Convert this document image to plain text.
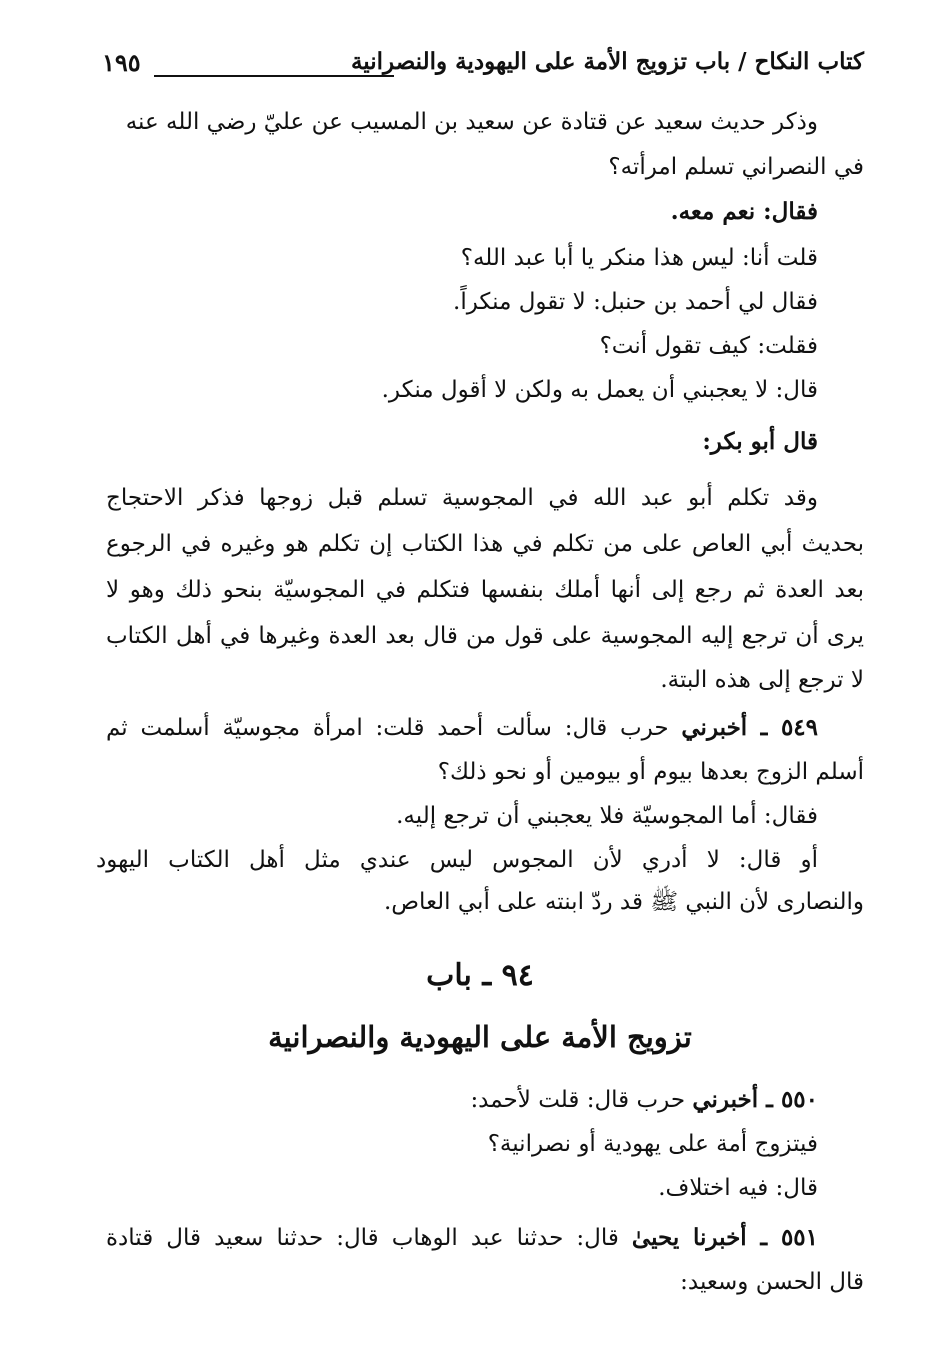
كتاب النكاح / باب تزويج الأمة على اليهودية والنصرانية
١٩٥
وذكر حديث سعيد عن قتادة عن سعيد بن المسيب عن عليّ رضي الله عنه
في النصراني تسلم امرأته؟
فقال: نعم معه.
قلت أنا: ليس هذا منكر يا أبا عبد الله؟
فقال لي أحمد بن حنبل: لا تقول منكراً.
فقلت: كيف تقول أنت؟
قال: لا يعجبني أن يعمل به ولكن لا أقول منكر.
قال أبو بكر:
وقد تكلم أبو عبد الله في المجوسية تسلم قبل زوجها فذكر الاحتجاج
بحديث أبي العاص على من تكلم في هذا الكتاب إن تكلم هو وغيره في الرجوع
بعد العدة ثم رجع إلى أنها أملك بنفسها فتكلم في المجوسيّة بنحو ذلك وهو لا
يرى أن ترجع إليه المجوسية على قول من قال بعد العدة وغيرها في أهل الكتاب
لا ترجع إلى هذه البتة.
٥٤٩ ـ أخبرني حرب قال: سألت أحمد قلت: امرأة مجوسيّة أسلمت ثم
أسلم الزوج بعدها بيوم أو بيومين أو نحو ذلك؟
فقال: أما المجوسيّة فلا يعجبني أن ترجع إليه.
أو قال: لا أدري لأن المجوس ليس عندي مثل أهل الكتاب اليهود
والنصارى لأن النبي ﷺ قد ردّ ابنته على أبي العاص.
٩٤ ـ باب
تزويج الأمة على اليهودية والنصرانية
٥٥٠ ـ أخبرني حرب قال: قلت لأحمد:
فيتزوج أمة على يهودية أو نصرانية؟
قال: فيه اختلاف.
٥٥١ ـ أخبرنا يحيىٰ قال: حدثنا عبد الوهاب قال: حدثنا سعيد قال قتادة
قال الحسن وسعيد:
